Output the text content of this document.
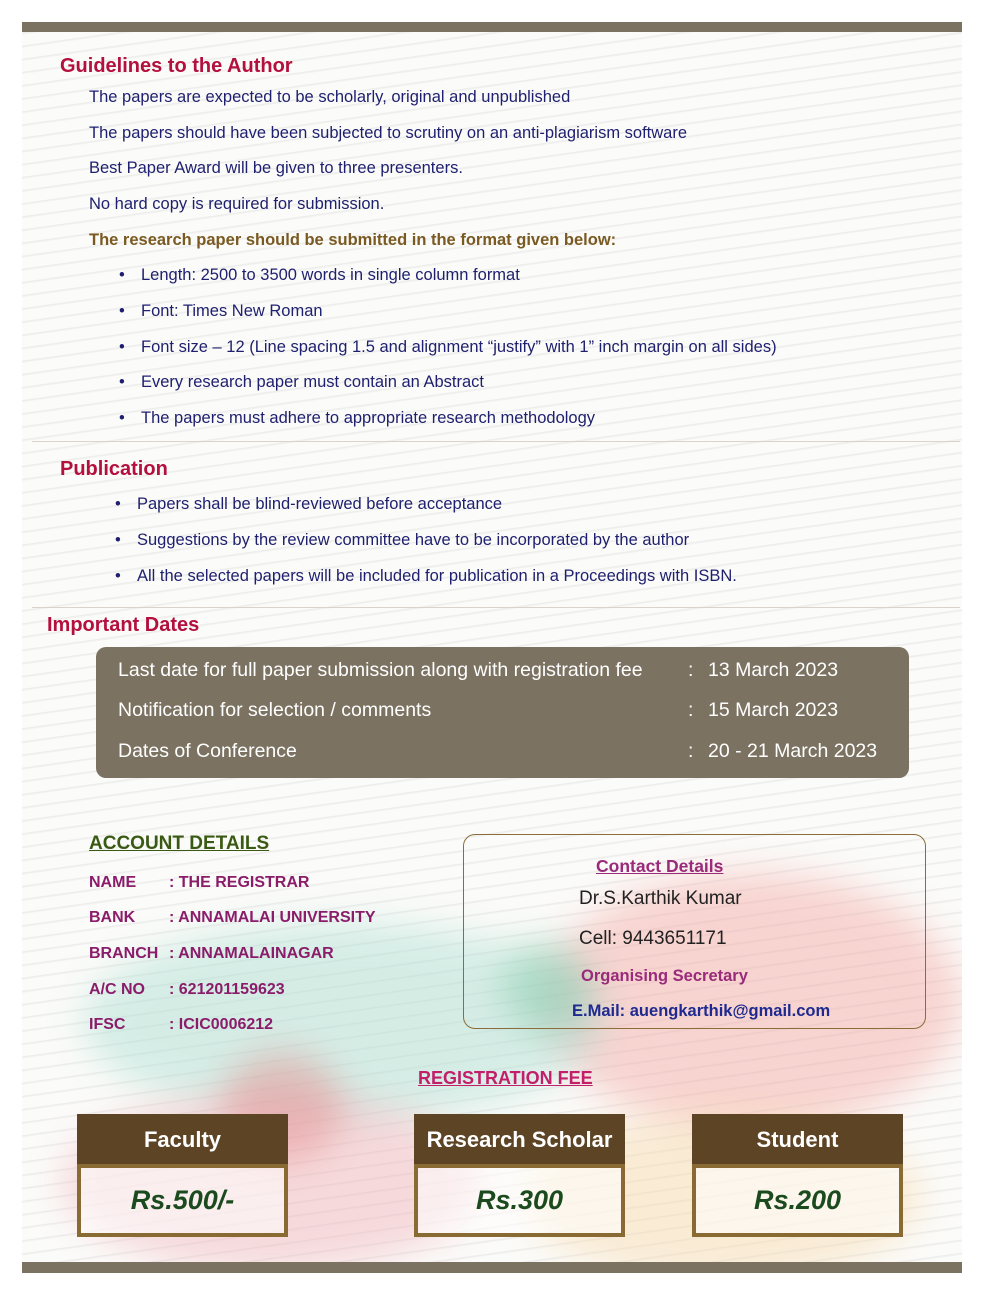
Guidelines to the Author
The papers are expected to be scholarly, original and unpublished
The papers should have been subjected to scrutiny on an anti-plagiarism software
Best Paper Award will be given to three presenters.
No hard copy is required for submission.
The research paper should be submitted in the format given below:
• Length: 2500 to 3500 words in single column format
• Font: Times New Roman
• Font size – 12 (Line spacing 1.5 and alignment “justify” with 1” inch margin on all sides)
• Every research paper must contain an Abstract
• The papers must adhere to appropriate research methodology
Publication
• Papers shall be blind-reviewed before acceptance
• Suggestions by the review committee have to be incorporated by the author
• All the selected papers will be included for publication in a Proceedings with ISBN.
Important Dates
Last date for full paper submission along with registration fee : 13 March 2023
Notification for selection / comments	: 15 March 2023
Dates of Conference	: 20 - 21 March 2023
ACCOUNT DETAILS
NAME : THE REGISTRAR
BANK : ANNAMALAI UNIVERSITY
BRANCH : ANNAMALAINAGAR
A/C NO : 621201159623
IFSC	: ICIC0006212
Contact Details
Dr.S.Karthik Kumar
Cell: 9443651171
Organising Secretary
E.Mail: auengkarthik@gmail.com
REGISTRATION FEE
Faculty
Rs.500/-
Research Scholar
Rs.300
Student
Rs.200
